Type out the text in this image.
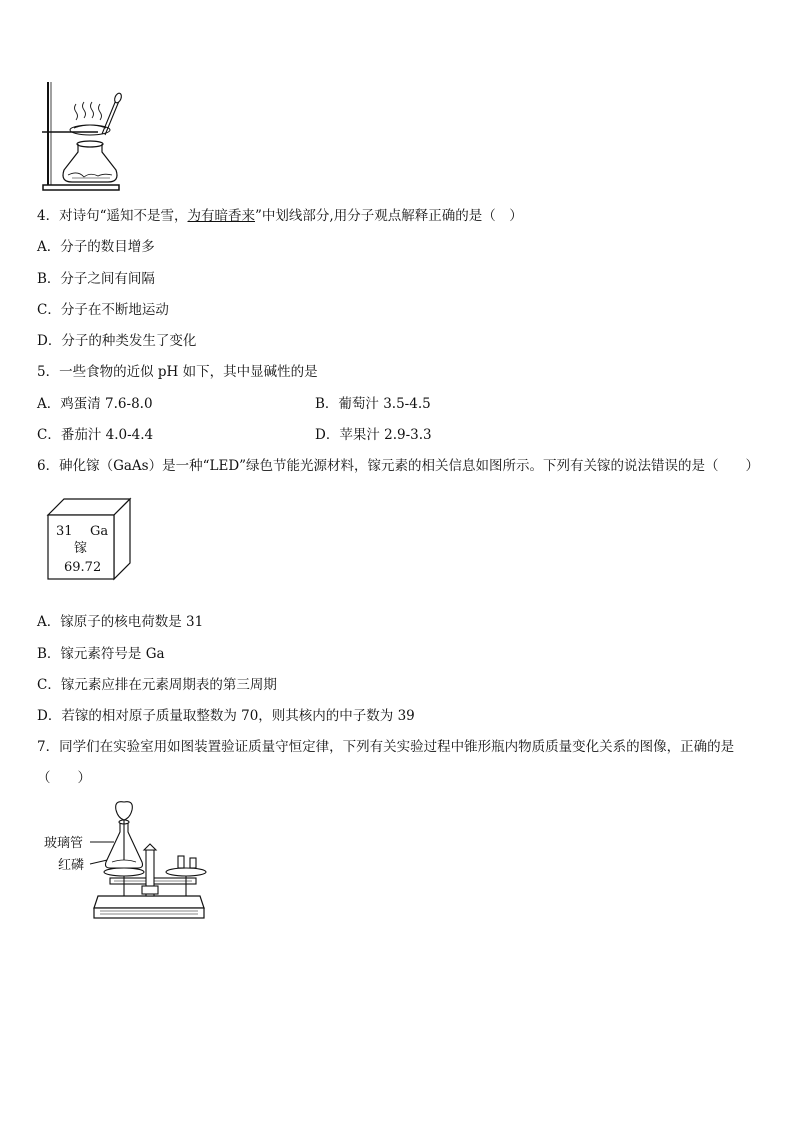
4．对诗句“遥知不是雪，为有暗香来”中划线部分,用分子观点解释正确的是（　）
A．分子的数目增多
B．分子之间有间隔
C．分子在不断地运动
D．分子的种类发生了变化
5．一些食物的近似 pH 如下，其中显碱性的是
A．鸡蛋清 7.6-8.0	B．葡萄汁 3.5-4.5
C．番茄汁 4.0-4.4	D．苹果汁 2.9-3.3
6．砷化镓（GaAs）是一种“LED”绿色节能光源材料，镓元素的相关信息如图所示。下列有关镓的说法错误的是（　　）
31 Ga
镓
69.72
A．镓原子的核电荷数是 31
B．镓元素符号是 Ga
C．镓元素应排在元素周期表的第三周期
D．若镓的相对原子质量取整数为 70，则其核内的中子数为 39
7．同学们在实验室用如图装置验证质量守恒定律，下列有关实验过程中锥形瓶内物质质量变化关系的图像，正确的是
（　　）
玻璃管
红磷
